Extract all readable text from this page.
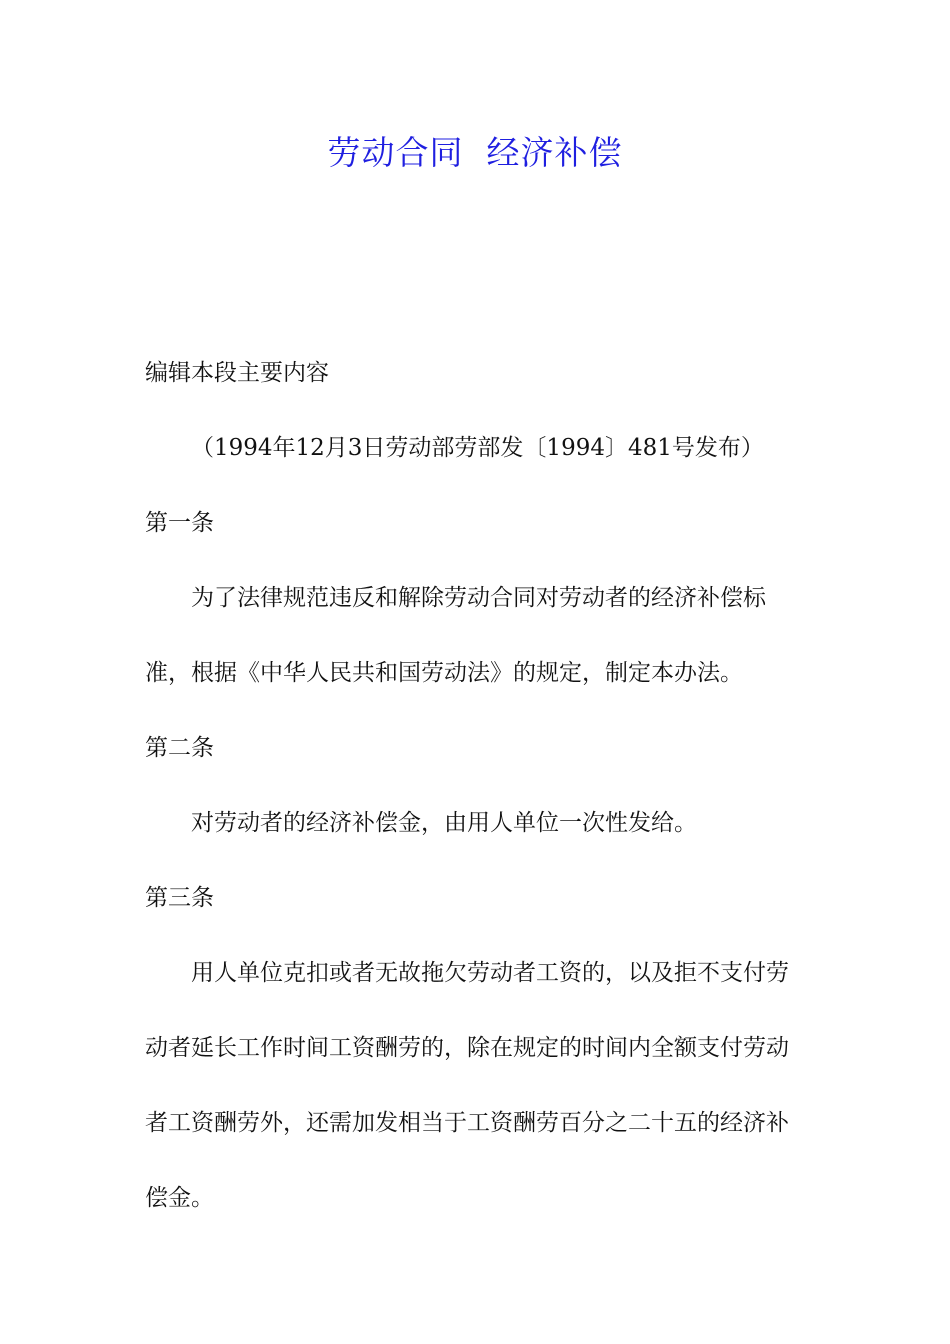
劳动合同  经济补偿

编辑本段主要内容

（1994年12月3日劳动部劳部发〔1994〕481号发布）

第一条

为了法律规范违反和解除劳动合同对劳动者的经济补偿标准，根据《中华人民共和国劳动法》的规定，制定本办法。

第二条

对劳动者的经济补偿金，由用人单位一次性发给。

第三条

用人单位克扣或者无故拖欠劳动者工资的，以及拒不支付劳动者延长工作时间工资酬劳的，除在规定的时间内全额支付劳动者工资酬劳外，还需加发相当于工资酬劳百分之二十五的经济补偿金。
